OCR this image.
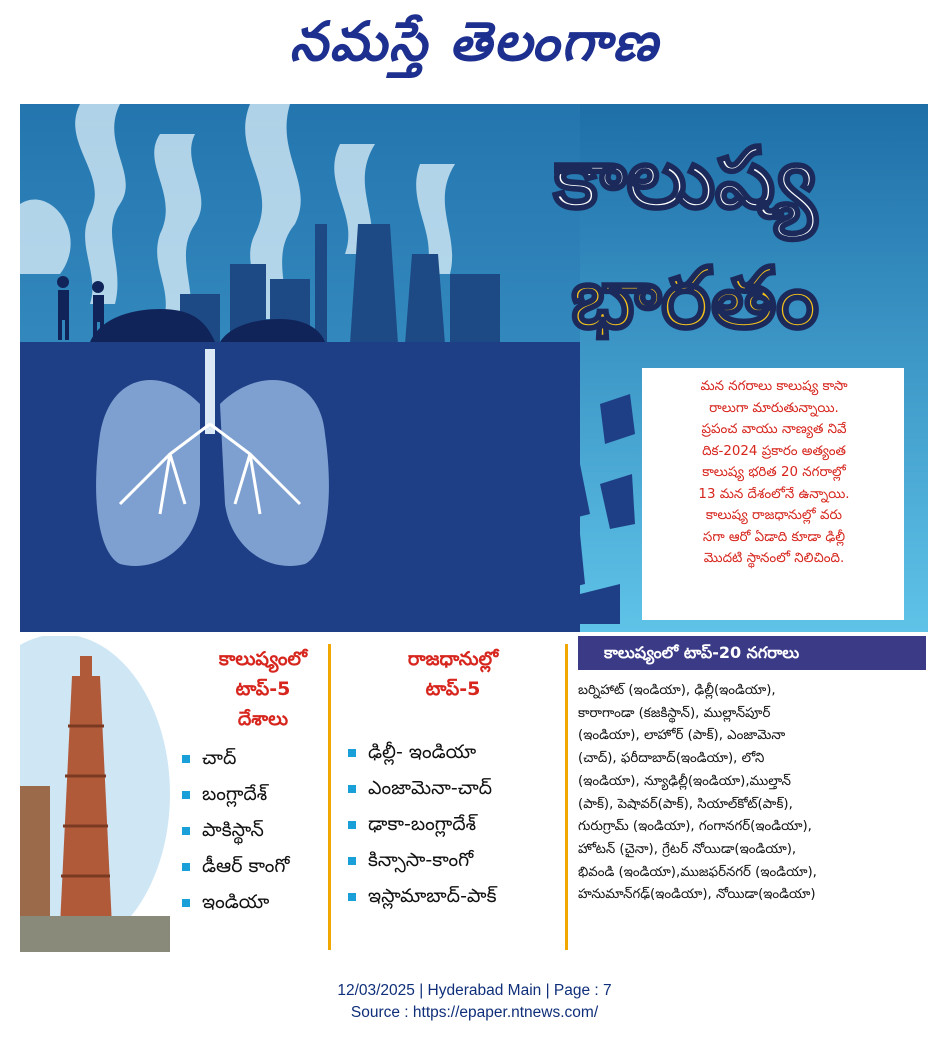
నమస్తే తెలంగాణ
కాలుష్య
భారతం

మన నగరాలు కాలుష్య కాసా

రాలుగా మారుతున్నాయి.

ప్రపంచ వాయు నాణ్యత నివే

దిక-2024 ప్రకారం అత్యంత

కాలుష్య భరిత 20 నగరాల్లో

13 మన దేశంలోనే ఉన్నాయి.

కాలుష్య రాజధానుల్లో వరు

సగా ఆరో ఏడాది కూడా ఢిల్లీ

మొదటి స్థానంలో నిలిచింది.

కాలుష్యంలో
టాప్-5
దేశాలు
చాద్
బంగ్లాదేశ్
పాకిస్థాన్
డీఆర్ కాంగో
ఇండియా
రాజధానుల్లో
టాప్-5
ఢిల్లీ- ఇండియా
ఎంజామెనా-చాద్
ఢాకా-బంగ్లాదేశ్
కిన్సాసా-కాంగో
ఇస్లామాబాద్-పాక్
కాలుష్యంలో టాప్-20 నగరాలు
బర్నిహాట్ (ఇండియా), ఢిల్లీ(ఇండియా),
కారాగాండా (కజకిస్థాన్), ముల్లాన్‌పూర్
(ఇండియా), లాహోర్ (పాక్), ఎంజామెనా
(చాద్), ఫరీదాబాద్(ఇండియా), లోని
(ఇండియా), న్యూఢిల్లీ(ఇండియా),ముల్తాన్
(పాక్), పెషావర్(పాక్), సియాల్‌కోట్(పాక్),
గురుగ్రామ్ (ఇండియా), గంగానగర్(ఇండియా),
హోటన్ (చైనా), గ్రేటర్ నోయిడా(ఇండియా),
భివండి (ఇండియా),ముజఫర్‌నగర్ (ఇండియా),
హనుమాన్‌గఢ్(ఇండియా), నోయిడా(ఇండియా)
12/03/2025 | Hyderabad Main | Page : 7
Source : https://epaper.ntnews.com/
